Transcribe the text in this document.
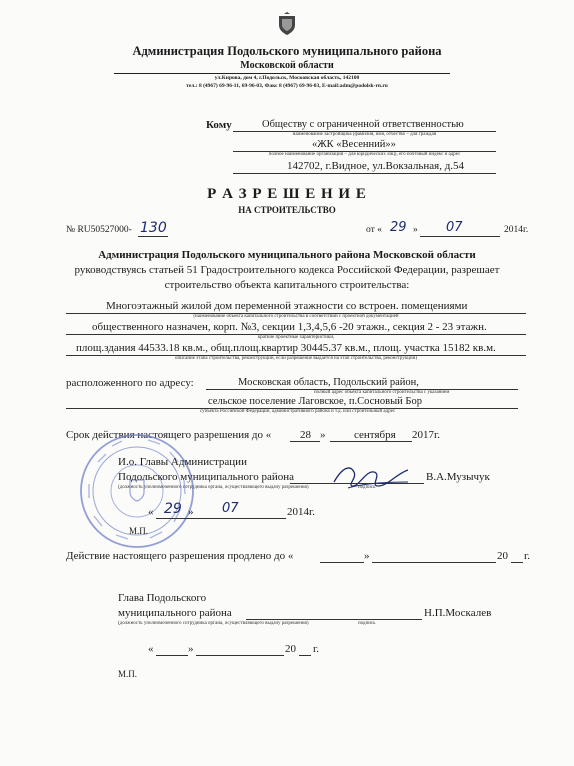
Администрация Подольского муниципального района
Московской области
ул.Кирова, дом 4, г.Подольск, Московская область, 142100
тел.: 8 (4967) 69-96-11, 69-96-03, Факс 8 (4967) 69-96-03, E-mail:adm@podolsk-rn.ru
Кому	Обществу с ограниченной ответственностью
наименование застройщика (фамилия, имя, отчество – для граждан
«ЖК «Весенний»»
полное наименование организации – для юридических лиц), его почтовый индекс и адрес
142702, г.Видное, ул.Вокзальная, д.54
Р А З Р Е Ш Е Н И Е
НА СТРОИТЕЛЬСТВО
№ RU50527000- 130	от « 29 » 07	2014г.
Администрация Подольского муниципального района Московской области
руководствуясь статьей 51 Градостроительного кодекса Российской Федерации, разрешает
строительство объекта капитального строительства:
Многоэтажный жилой дом переменной этажности со встроен. помещениями
(наименование объекта капитального строительства в соответствии с проектной документацией
общественного назначен, корп. №3, секции 1,3,4,5,6 -20 этажн., секция 2 - 23 этажн.
краткие проектные характеристики,
площ.здания 44533.18 кв.м., общ.площ.квартир 30445.37 кв.м., площ. участка 15182 кв.м.
описание этапа строительства, реконструкции, если разрешение выдается на этап строительства, реконструкции)
расположенного по адресу:	Московская область, Подольский район,
полный адрес объекта капитального строительства с указанием
сельское поселение Лаговское, п.Сосновый Бор
субъекта Российской Федерации, административного района и т.д. или строительный адрес
Срок действия настоящего разрешения до «	28 »	сентября 2017г.
И.о. Главы Администрации
Подольского муниципального района
(должность уполномоченного сотрудника органа, осуществляющего выдачу разрешения)	подпись
В.А.Музычук
« 29 » 07	2014г.
М.П.
Действие настоящего разрешения продлено до «	»	20 г.
Глава Подольского
муниципального района
(должность уполномоченного сотрудника органа, осуществляющего выдачу разрешения)	подпись
Н.П.Москалев
«	»	20 г.
М.П.
